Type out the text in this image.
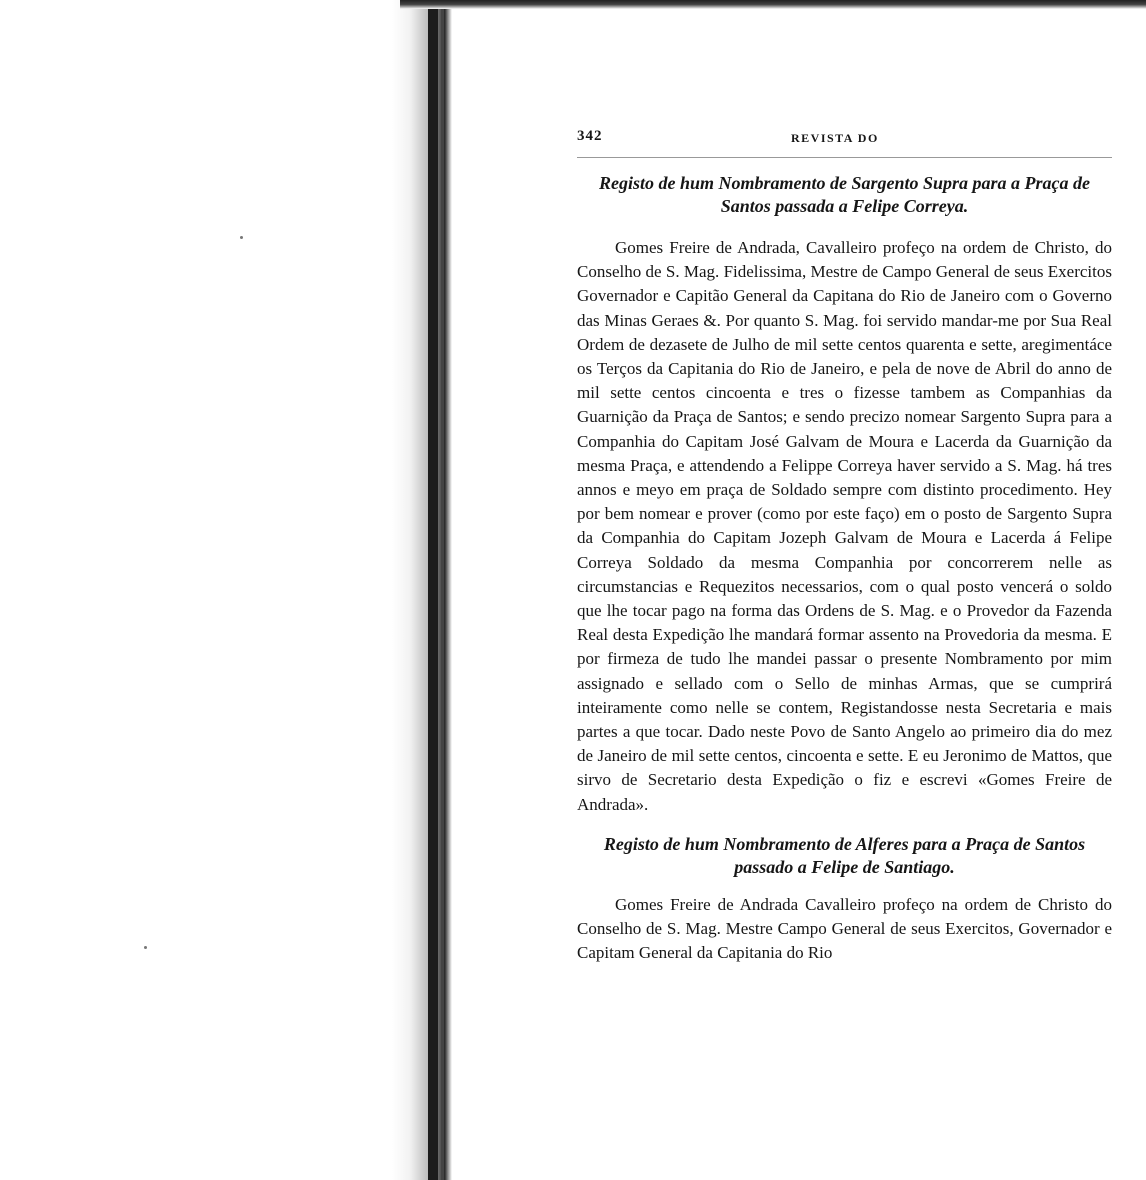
342	REVISTA DO
Registo de hum Nombramento de Sargento Supra para a Praça de Santos passada a Felipe Correya.

Gomes Freire de Andrada, Cavalleiro profeço na ordem de Christo, do Conselho de S. Mag. Fidelissima, Mestre de Campo General de seus Exercitos Governador e Capitão General da Capitana do Rio de Janeiro com o Governo das Minas Geraes &. Por quanto S. Mag. foi servido mandar-me por Sua Real Ordem de dezasete de Julho de mil sette centos quarenta e sette, aregimentáce os Terços da Capitania do Rio de Janeiro, e pela de nove de Abril do anno de mil sette centos cincoenta e tres o fizesse tambem as Companhias da Guarnição da Praça de Santos; e sendo precizo nomear Sargento Supra para a Companhia do Capitam José Galvam de Moura e Lacerda da Guarnição da mesma Praça, e attendendo a Felippe Correya haver servido a S. Mag. há tres annos e meyo em praça de Soldado sempre com distinto procedimento. Hey por bem nomear e prover (como por este faço) em o posto de Sargento Supra da Companhia do Capitam Jozeph Galvam de Moura e Lacerda á Felipe Correya Soldado da mesma Companhia por concorrerem nelle as circumstancias e Requezitos necessarios, com o qual posto vencerá o soldo que lhe tocar pago na forma das Ordens de S. Mag. e o Provedor da Fazenda Real desta Expedição lhe mandará formar assento na Provedoria da mesma. E por firmeza de tudo lhe mandei passar o presente Nombramento por mim assignado e sellado com o Sello de minhas Armas, que se cumprirá inteiramente como nelle se contem, Registandosse nesta Secretaria e mais partes a que tocar. Dado neste Povo de Santo Angelo ao primeiro dia do mez de Janeiro de mil sette centos, cincoenta e sette. E eu Jeronimo de Mattos, que sirvo de Secretario desta Expedição o fiz e escrevi «Gomes Freire de Andrada».

Registo de hum Nombramento de Alferes para a Praça de Santos passado a Felipe de Santiago.

Gomes Freire de Andrada Cavalleiro profeço na ordem de Christo do Conselho de S. Mag. Mestre Campo General de seus Exercitos, Governador e Capitam General da Capitania do Rio
